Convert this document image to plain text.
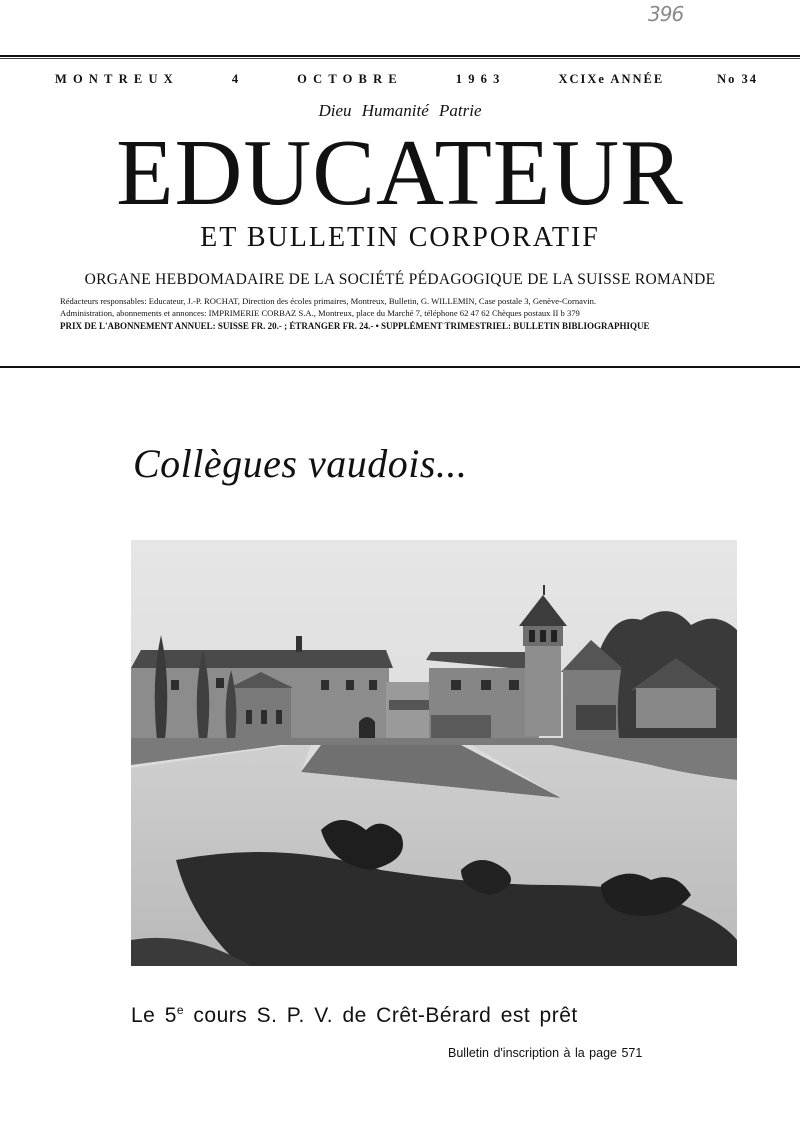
396
MONTREUX	4	OCTOBRE	1963	XCIXe ANNÉE	No 34
Dieu Humanité Patrie
EDUCATEUR
ET BULLETIN CORPORATIF
ORGANE HEBDOMADAIRE DE LA SOCIÉTÉ PÉDAGOGIQUE DE LA SUISSE ROMANDE
Rédacteurs responsables: Educateur, J.-P. ROCHAT, Direction des écoles primaires, Montreux, Bulletin, G. WILLEMIN, Case postale 3, Genève-Cornavin.
Administration, abonnements et annonces: IMPRIMERIE CORBAZ S.A., Montreux, place du Marché 7, téléphone 62 47 62 Chèques postaux II b 379
PRIX DE L'ABONNEMENT ANNUEL: SUISSE FR. 20.- ; ÉTRANGER FR. 24.- • SUPPLÉMENT TRIMESTRIEL: BULLETIN BIBLIOGRAPHIQUE
Collègues vaudois...
Le 5e cours S. P. V. de Crêt-Bérard est prêt
Bulletin d'inscription à la page 571
